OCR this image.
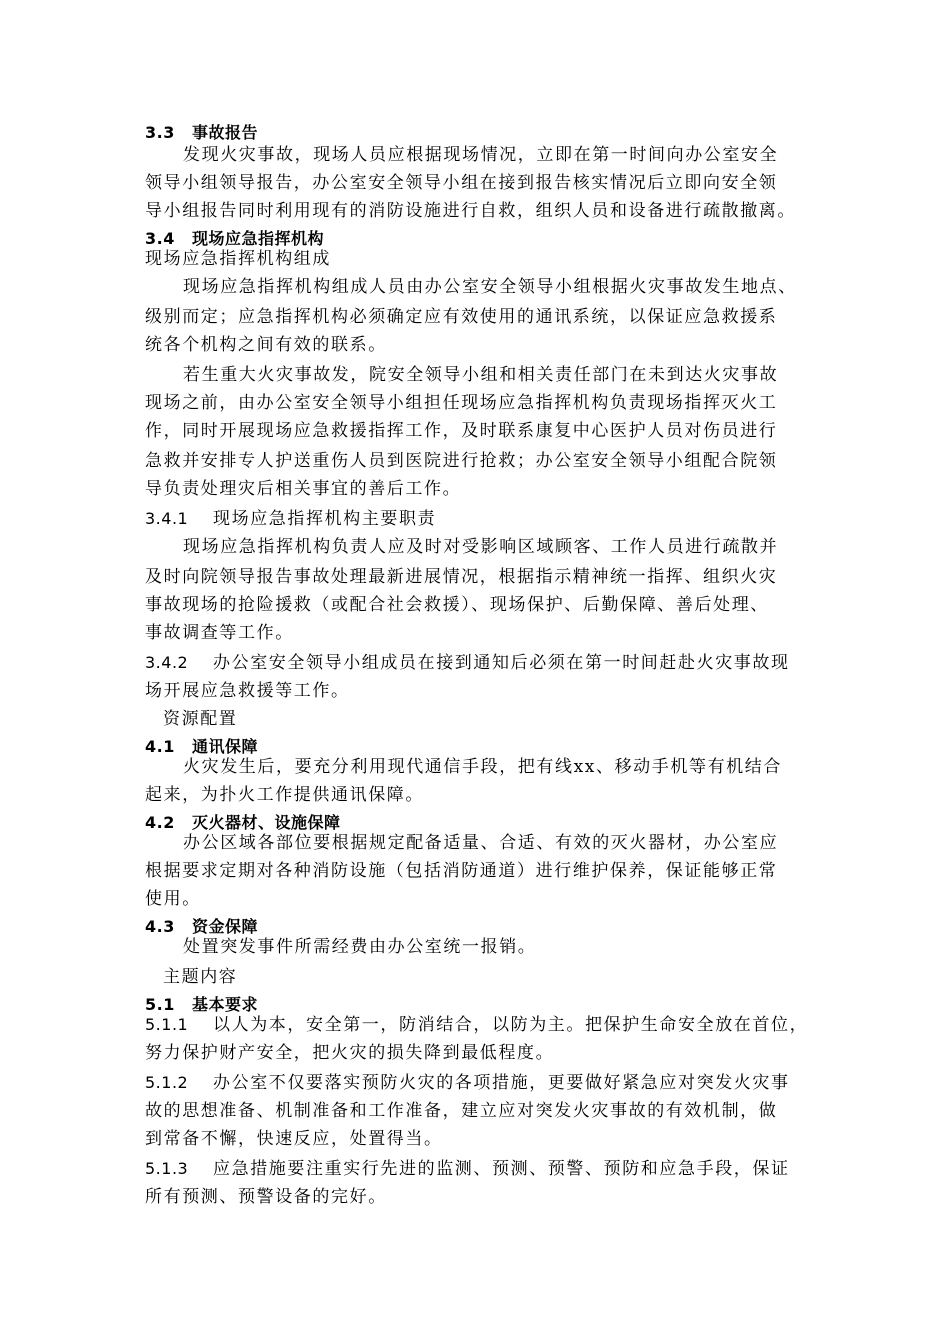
3.3 事故报告
发现火灾事故，现场人员应根据现场情况，立即在第一时间向办公室安全
领导小组领导报告，办公室安全领导小组在接到报告核实情况后立即向安全领
导小组报告同时利用现有的消防设施进行自救，组织人员和设备进行疏散撤离。
3.4 现场应急指挥机构
现场应急指挥机构组成
现场应急指挥机构组成人员由办公室安全领导小组根据火灾事故发生地点、
级别而定；应急指挥机构必须确定应有效使用的通讯系统，以保证应急救援系
统各个机构之间有效的联系。
若生重大火灾事故发，院安全领导小组和相关责任部门在未到达火灾事故
现场之前，由办公室安全领导小组担任现场应急指挥机构负责现场指挥灭火工
作，同时开展现场应急救援指挥工作，及时联系康复中心医护人员对伤员进行
急救并安排专人护送重伤人员到医院进行抢救；办公室安全领导小组配合院领
导负责处理灾后相关事宜的善后工作。
3.4.1 现场应急指挥机构主要职责
现场应急指挥机构负责人应及时对受影响区域顾客、工作人员进行疏散并
及时向院领导报告事故处理最新进展情况，根据指示精神统一指挥、组织火灾
事故现场的抢险援救（或配合社会救援）、现场保护、后勤保障、善后处理、
事故调查等工作。
3.4.2 办公室安全领导小组成员在接到通知后必须在第一时间赶赴火灾事故现
场开展应急救援等工作。
资源配置
4.1 通讯保障
火灾发生后，要充分利用现代通信手段，把有线xx、移动手机等有机结合
起来，为扑火工作提供通讯保障。
4.2 灭火器材、设施保障
办公区域各部位要根据规定配备适量、合适、有效的灭火器材，办公室应
根据要求定期对各种消防设施（包括消防通道）进行维护保养，保证能够正常
使用。
4.3 资金保障
处置突发事件所需经费由办公室统一报销。
主题内容
5.1 基本要求
5.1.1 以人为本，安全第一，防消结合，以防为主。把保护生命安全放在首位，
努力保护财产安全，把火灾的损失降到最低程度。
5.1.2 办公室不仅要落实预防火灾的各项措施，更要做好紧急应对突发火灾事
故的思想准备、机制准备和工作准备，建立应对突发火灾事故的有效机制，做
到常备不懈，快速反应，处置得当。
5.1.3 应急措施要注重实行先进的监测、预测、预警、预防和应急手段，保证
所有预测、预警设备的完好。
